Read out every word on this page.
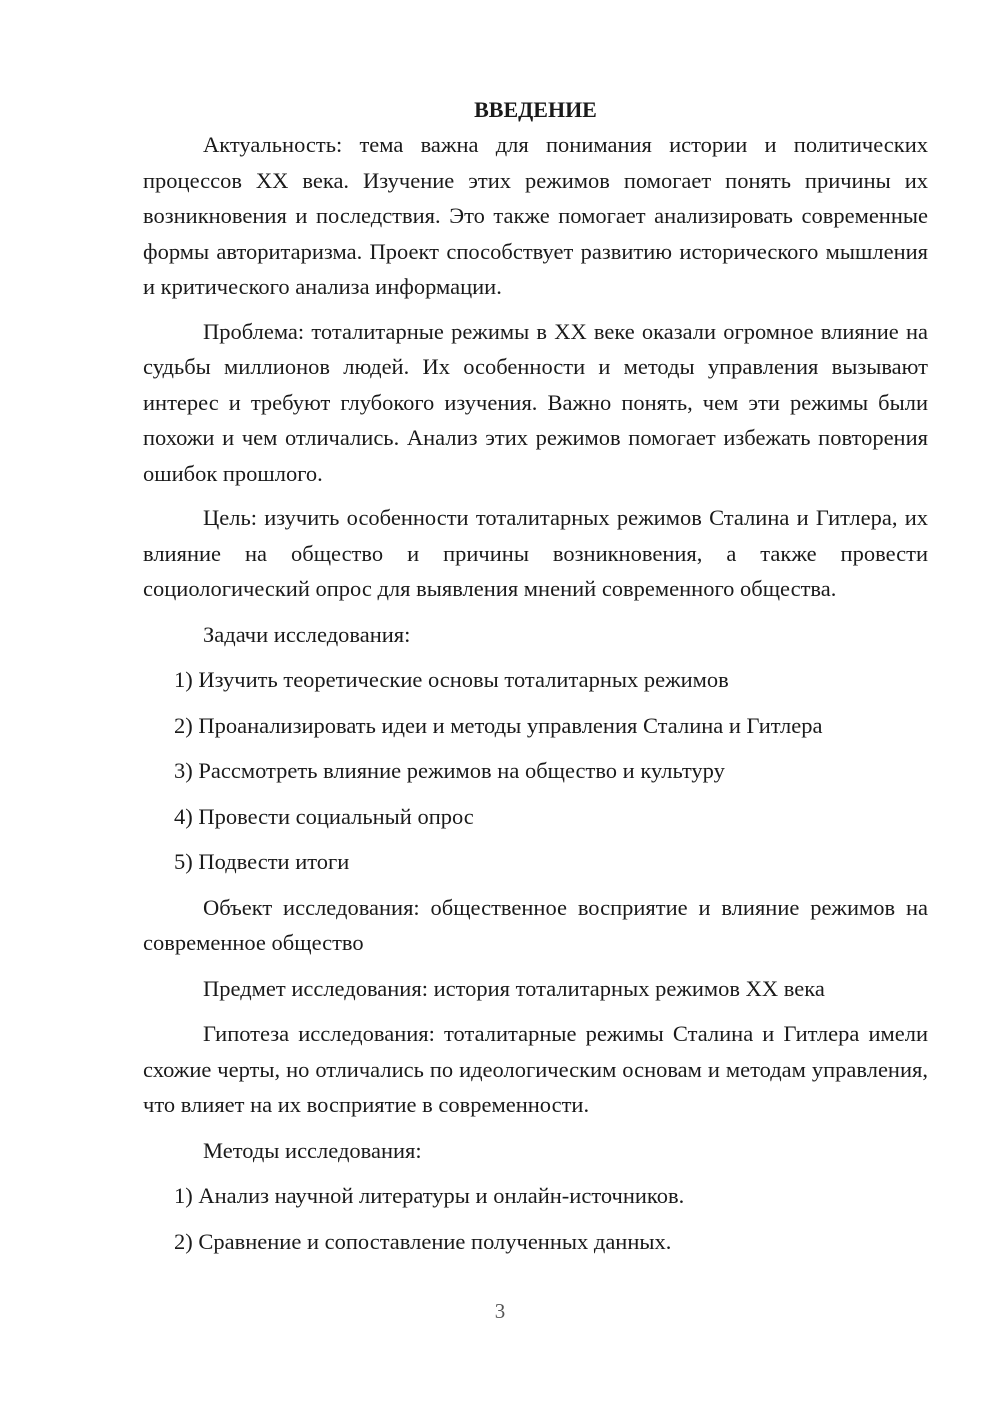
ВВЕДЕНИЕ

Актуальность: тема важна для понимания истории и политических процессов XX века. Изучение этих режимов помогает понять причины их возникновения и последствия. Это также помогает анализировать современные формы авторитаризма. Проект способствует развитию исторического мышления и критического анализа информации.

Проблема: тоталитарные режимы в XX веке оказали огромное влияние на судьбы миллионов людей. Их особенности и методы управления вызывают интерес и требуют глубокого изучения. Важно понять, чем эти режимы были похожи и чем отличались. Анализ этих режимов помогает избежать повторения ошибок прошлого.

Цель: изучить особенности тоталитарных режимов Сталина и Гитлера, их влияние на общество и причины возникновения, а также провести социологический опрос для выявления мнений современного общества.

Задачи исследования:

1) Изучить теоретические основы тоталитарных режимов

2) Проанализировать идеи и методы управления Сталина и Гитлера

3) Рассмотреть влияние режимов на общество и культуру

4) Провести социальный опрос

5) Подвести итоги

Объект исследования: общественное восприятие и влияние режимов на современное общество

Предмет исследования: история тоталитарных режимов XX века

Гипотеза исследования: тоталитарные режимы Сталина и Гитлера имели схожие черты, но отличались по идеологическим основам и методам управления, что влияет на их восприятие в современности.

Методы исследования:

1) Анализ научной литературы и онлайн-источников.

2) Сравнение и сопоставление полученных данных.

3
